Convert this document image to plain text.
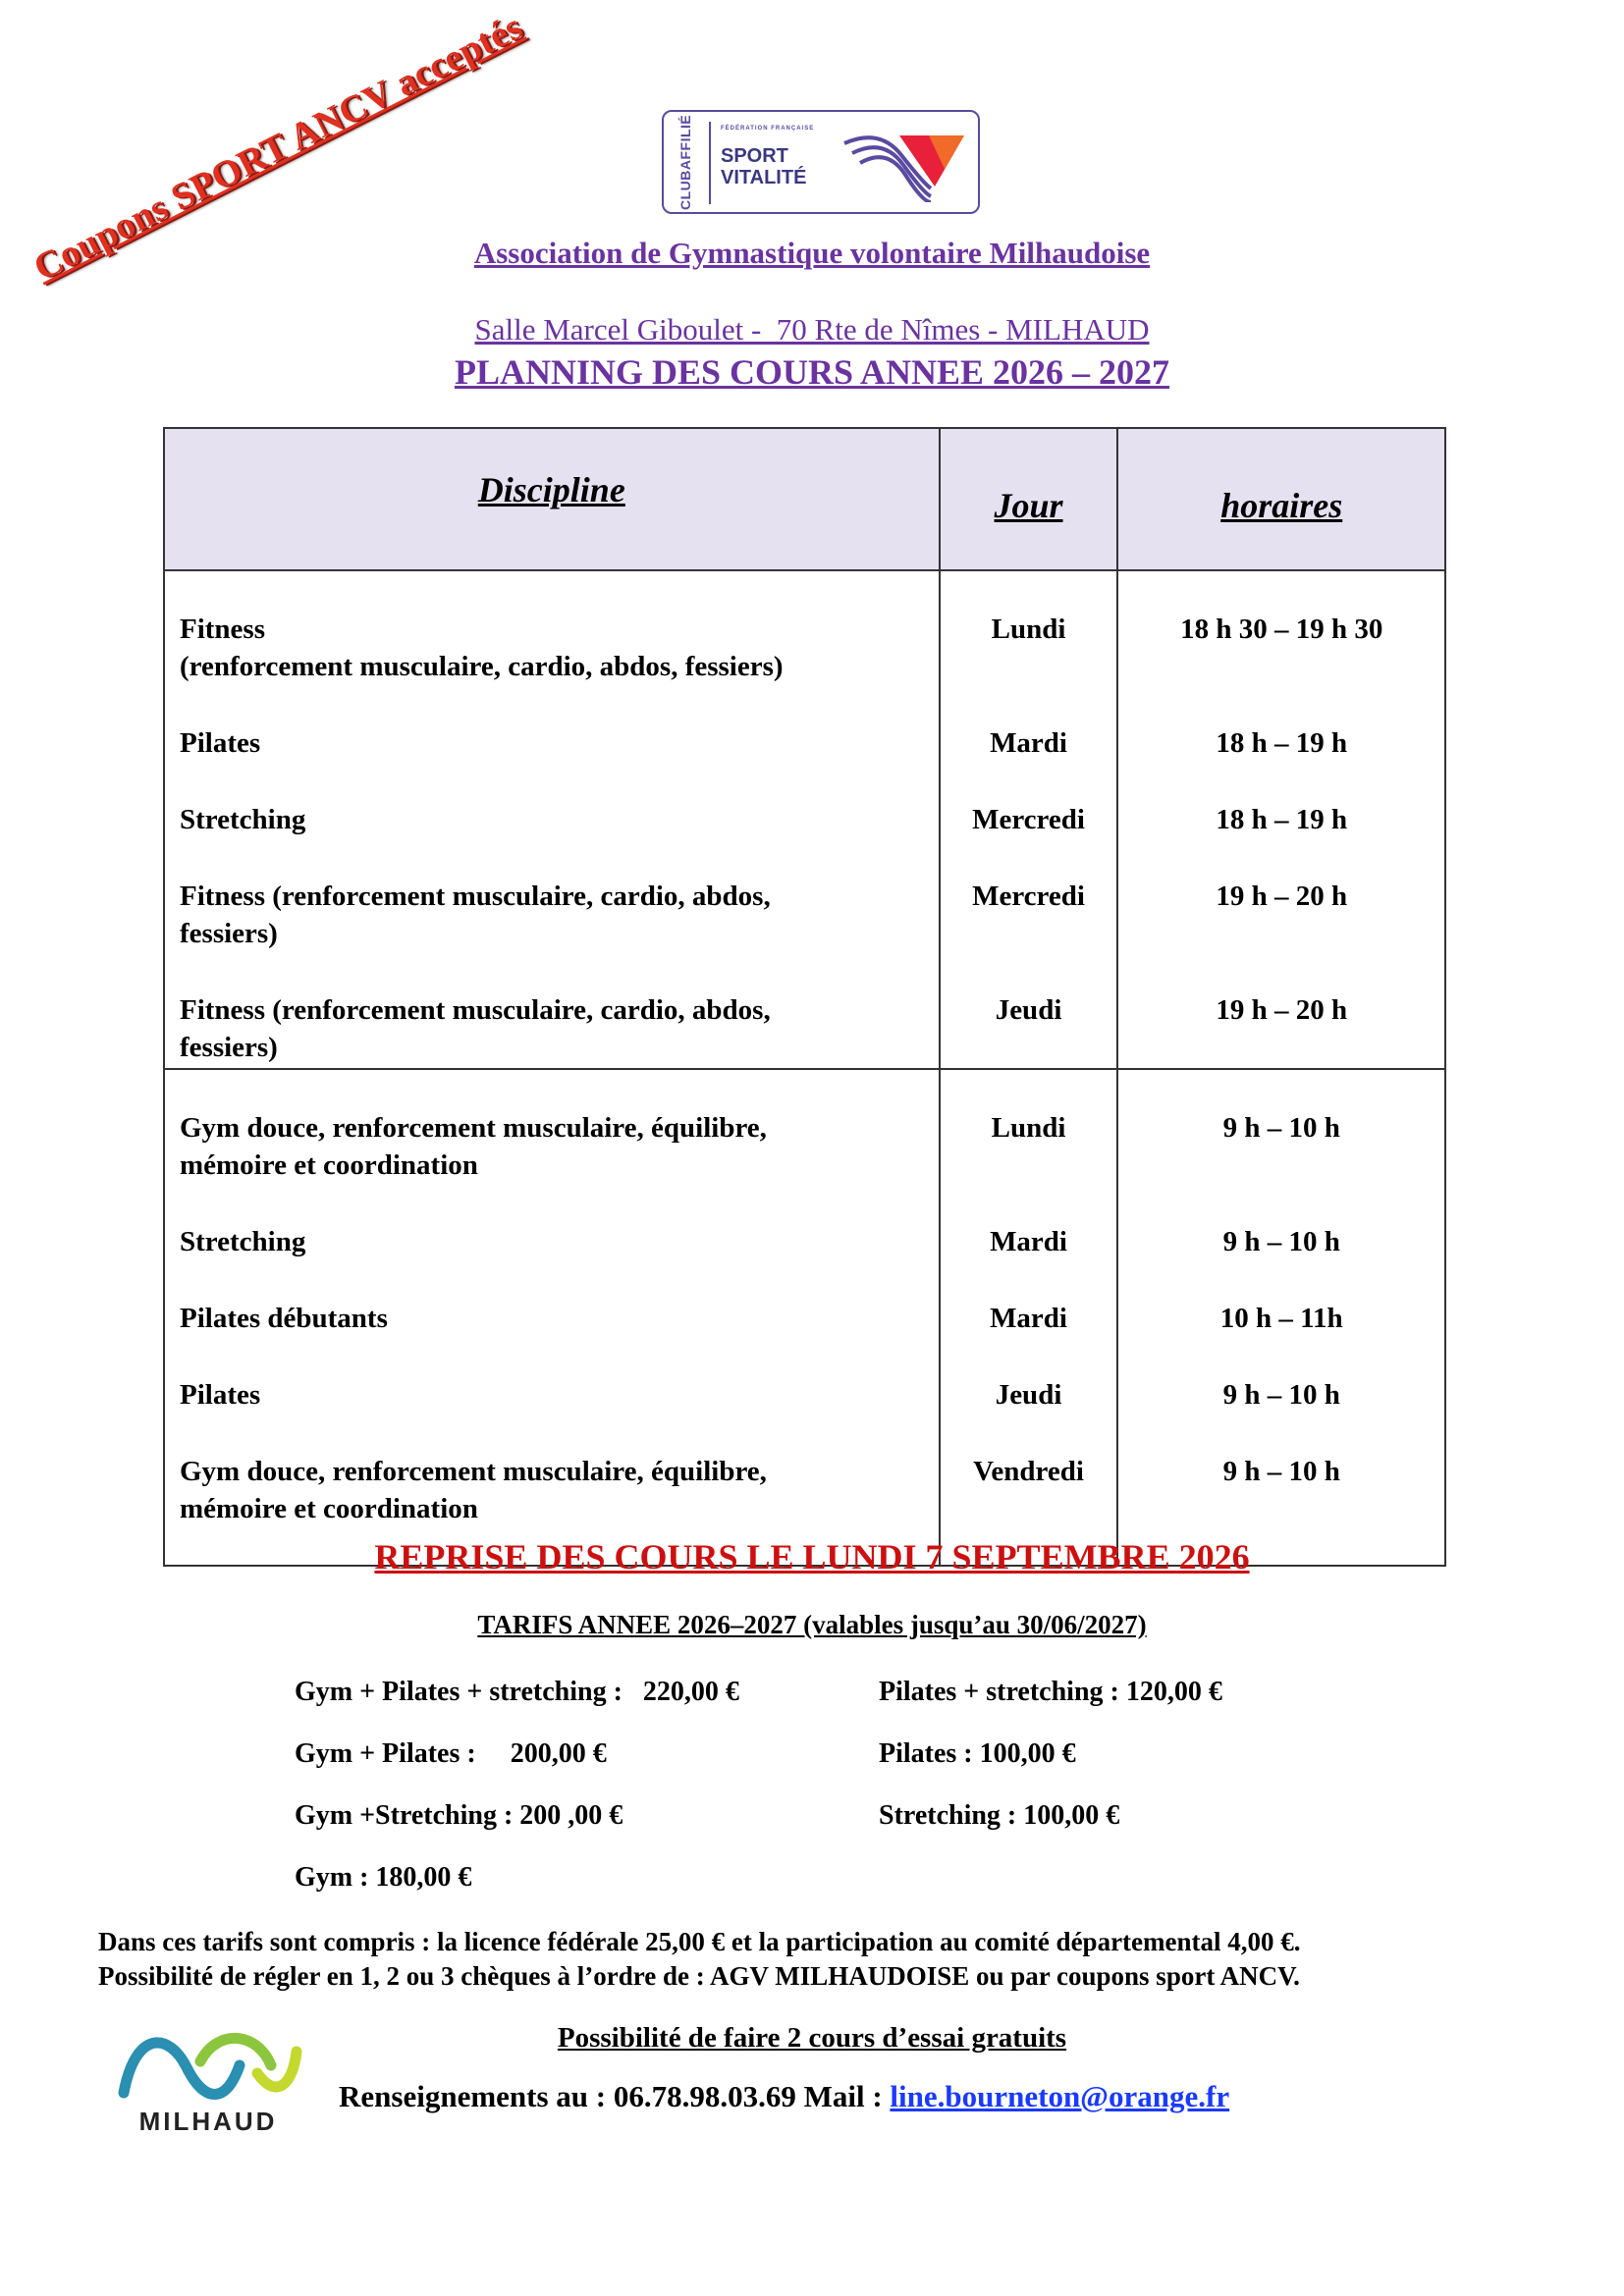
Coupons SPORT ANCV acceptés	CLUBAFFILIÉ	FÉDÉRATION FRANÇAISE
SPORT
VITALITÉ
Association de Gymnastique volontaire Milhaudoise
Salle Marcel Giboulet -  70 Rte de Nîmes - MILHAUD
PLANNING DES COURS ANNEE 2026 – 2027
Discipline	Jour	horaires

Fitness
(renforcement musculaire, cardio, abdos, fessiers)	Lundi	18 h 30 – 19 h 30

Pilates	Mardi	18 h – 19 h

Stretching	Mercredi	18 h – 19 h

Fitness (renforcement musculaire, cardio, abdos,
fessiers)	Mercredi	19 h – 20 h

Fitness (renforcement musculaire, cardio, abdos,
fessiers)	Jeudi	19 h – 20 h

Gym douce, renforcement musculaire, équilibre,
mémoire et coordination	Lundi	9 h – 10 h

Stretching	Mardi	9 h – 10 h

Pilates débutants	Mardi	10 h – 11h

Pilates	Jeudi	9 h – 10 h

Gym douce, renforcement musculaire, équilibre,
mémoire et coordination	Vendredi	9 h – 10 h
REPRISE DES COURS LE LUNDI 7 SEPTEMBRE 2026
TARIFS ANNEE 2026–2027 (valables jusqu’au 30/06/2027)
Gym + Pilates + stretching :   220,00 €
Gym + Pilates :     200,00 €
Gym +Stretching : 200 ,00 €
Gym : 180,00 €
Pilates + stretching : 120,00 €
Pilates : 100,00 €
Stretching : 100,00 €
Dans ces tarifs sont compris : la licence fédérale 25,00 € et la participation au comité départemental 4,00 €.
Possibilité de régler en 1, 2 ou 3 chèques à l’ordre de : AGV MILHAUDOISE ou par coupons sport ANCV.
Possibilité de faire 2 cours d’essai gratuits
MILHAUD
Renseignements au : 06.78.98.03.69 Mail : line.bourneton@orange.fr
